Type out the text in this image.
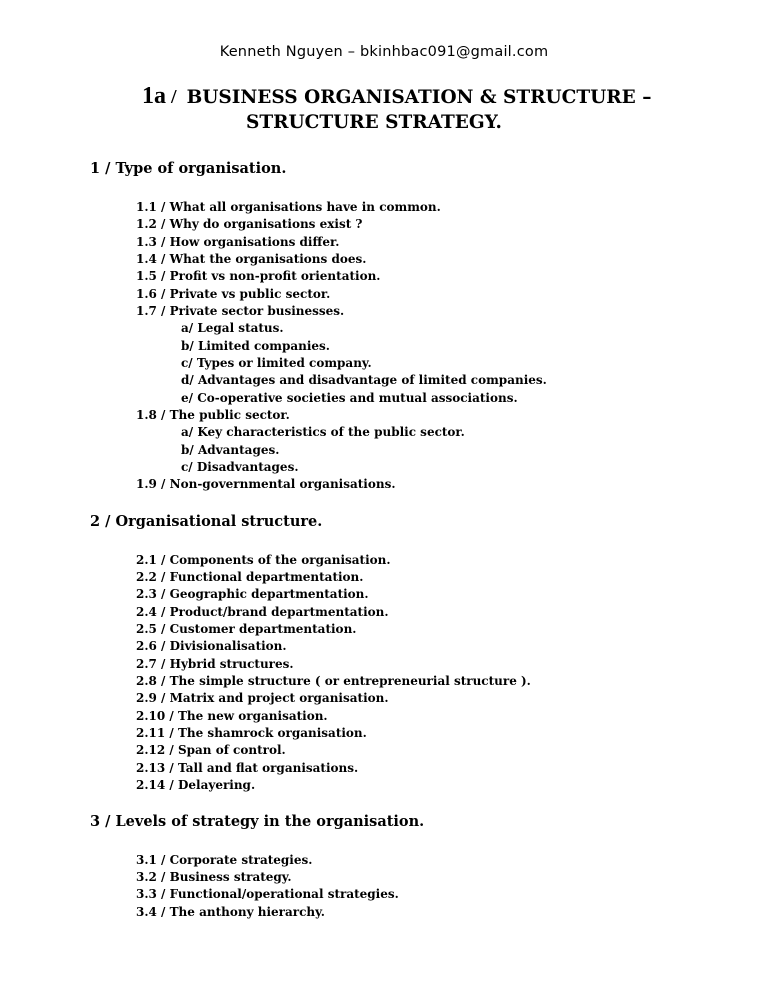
Kenneth Nguyen – bkinhbac091@gmail.com
1a /  BUSINESS ORGANISATION & STRUCTURE –
STRUCTURE STRATEGY.
1 / Type of organisation.
1.1 / What all organisations have in common.
1.2 / Why do organisations exist ?
1.3 / How organisations differ.
1.4 / What the organisations does.
1.5 / Profit vs non-profit orientation.
1.6 / Private vs public sector.
1.7 / Private sector businesses.
a/ Legal status.
b/ Limited companies.
c/ Types or limited company.
d/ Advantages and disadvantage of limited companies.
e/ Co-operative societies and mutual associations.
1.8 / The public sector.
a/ Key characteristics of the public sector.
b/ Advantages.
c/ Disadvantages.
1.9 / Non-governmental organisations.
2 / Organisational structure.
2.1 / Components of the organisation.
2.2 / Functional departmentation.
2.3 / Geographic departmentation.
2.4 / Product/brand departmentation.
2.5 / Customer departmentation.
2.6 / Divisionalisation.
2.7 / Hybrid structures.
2.8 / The simple structure ( or entrepreneurial structure ).
2.9 / Matrix and project organisation.
2.10 / The new organisation.
2.11 / The shamrock organisation.
2.12 / Span of control.
2.13 / Tall and flat organisations.
2.14 / Delayering.
3 / Levels of strategy in the organisation.
3.1 / Corporate strategies.
3.2 / Business strategy.
3.3 / Functional/operational strategies.
3.4 / The anthony hierarchy.
